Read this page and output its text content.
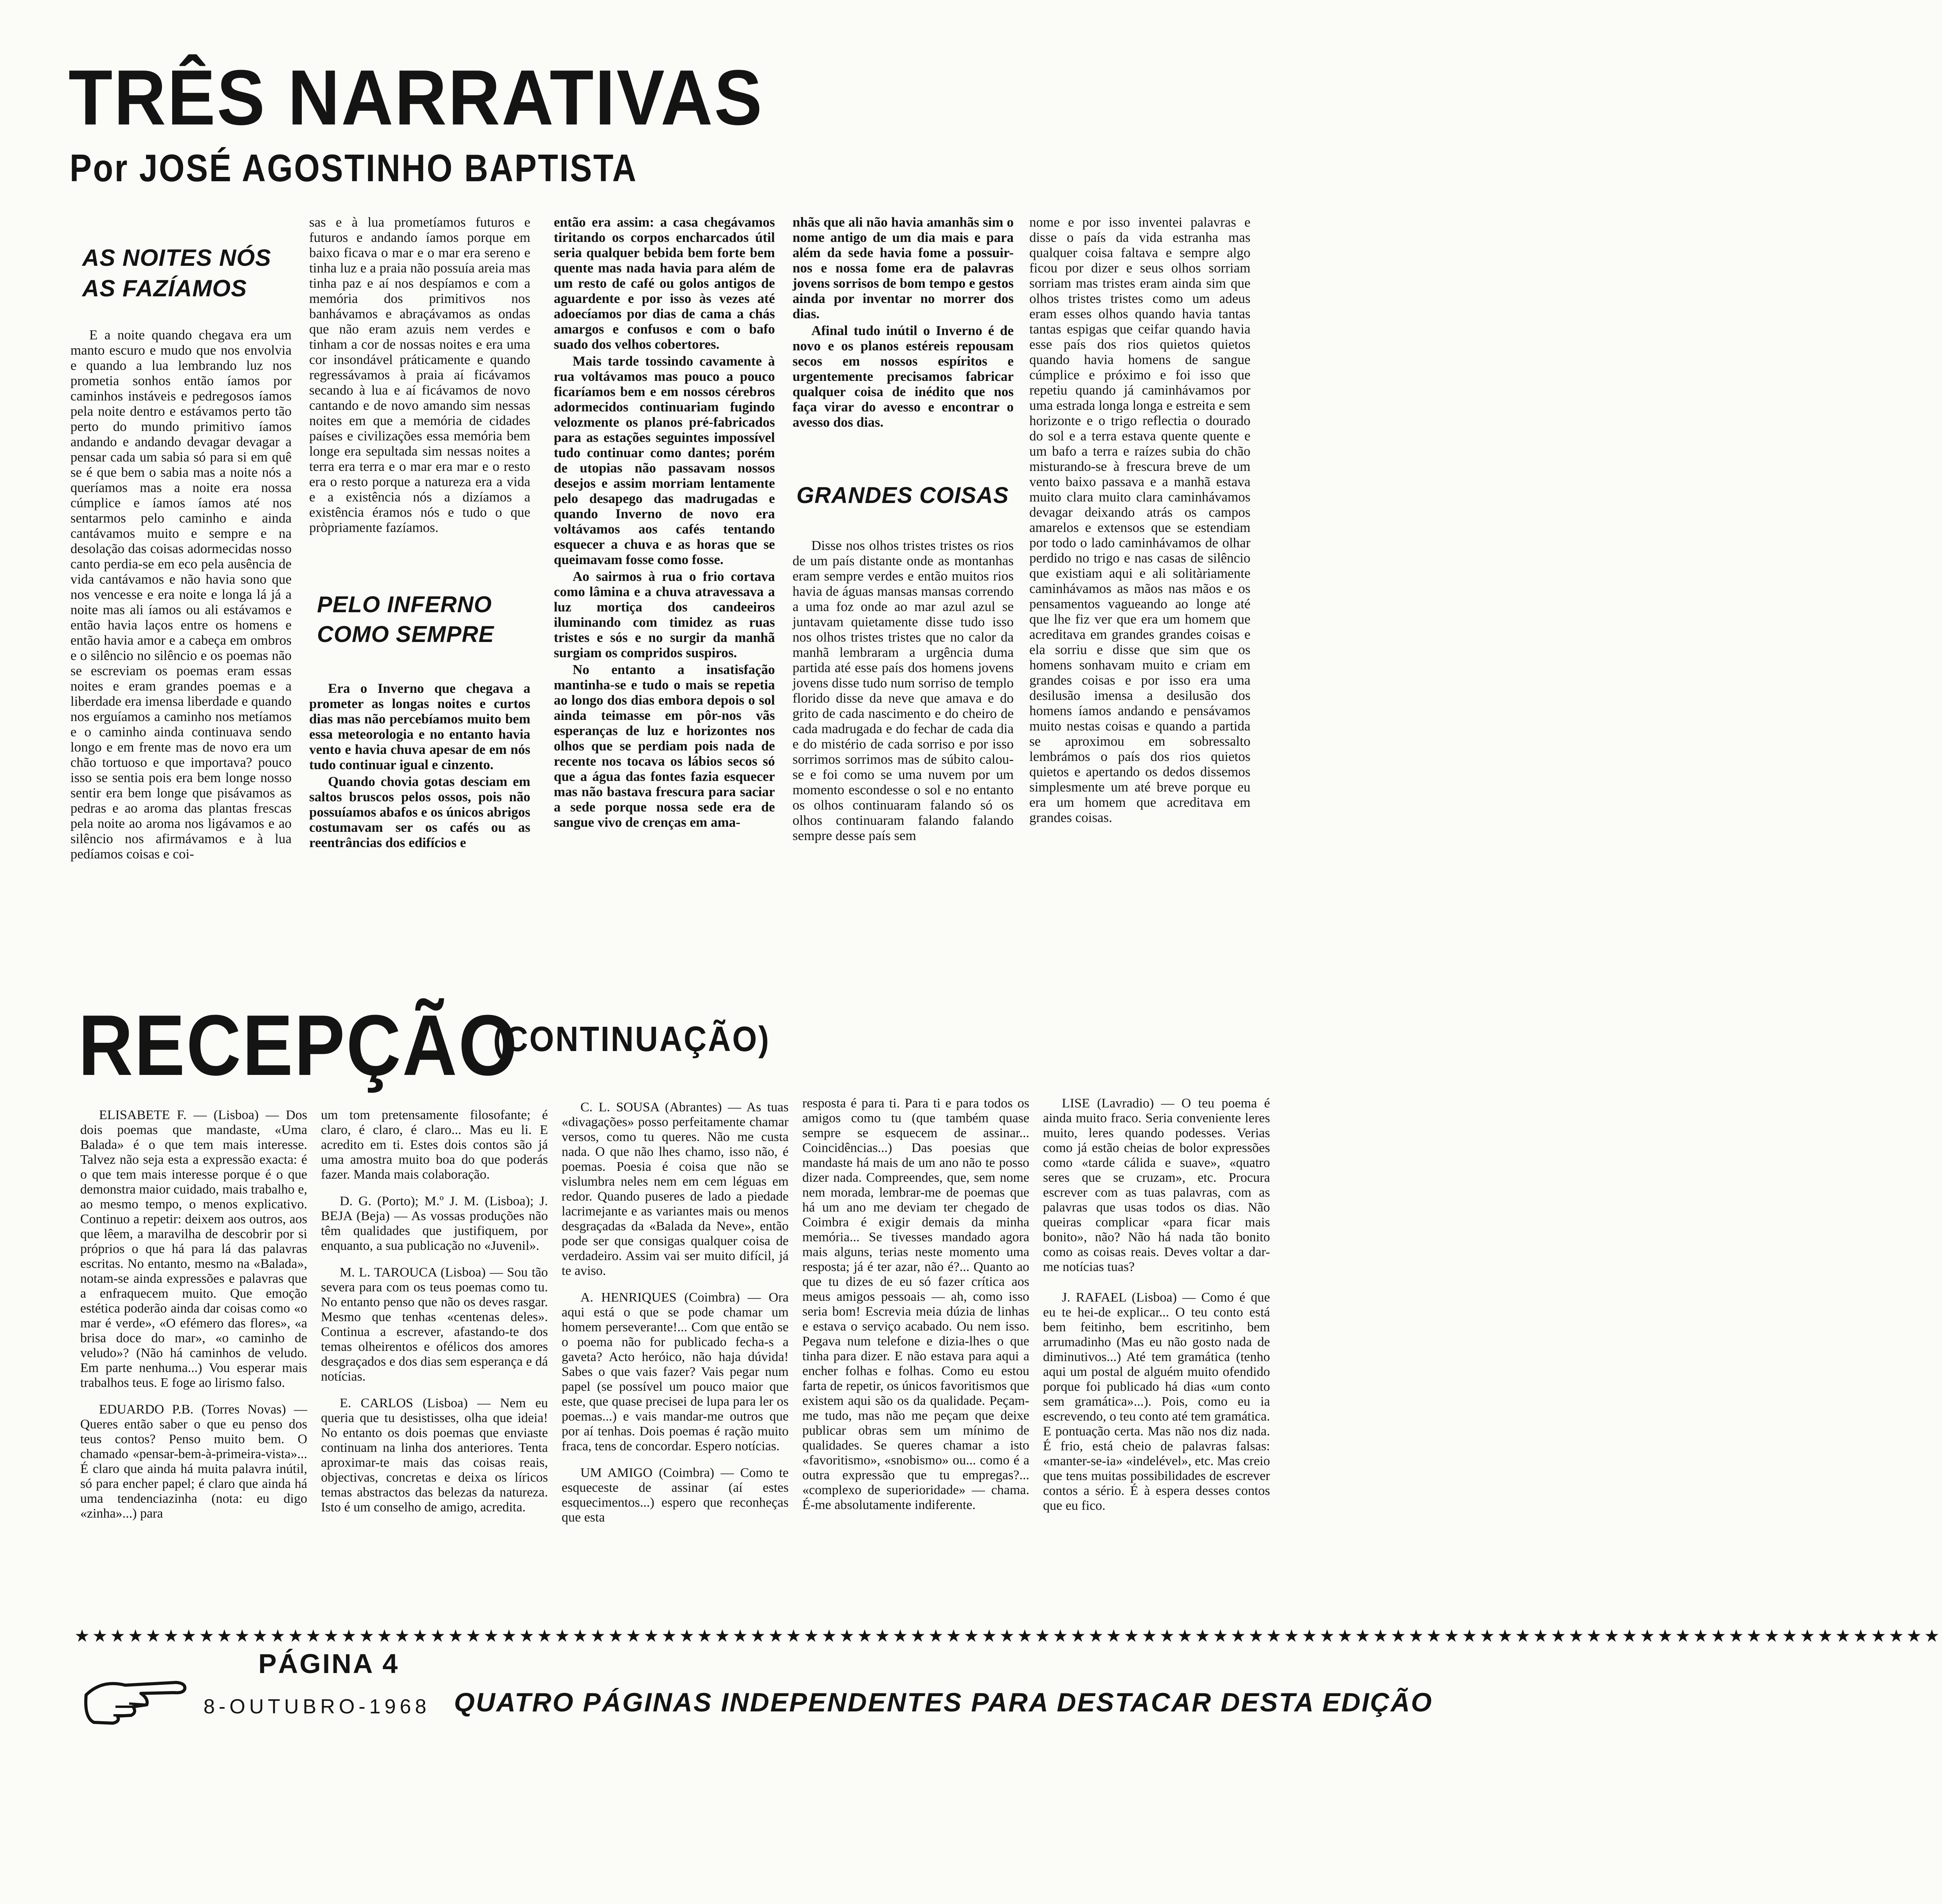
TRÊS NARRATIVAS
Por JOSÉ AGOSTINHO BAPTISTA
AS NOITES NÓS
AS FAZÍAMOS

E a noite quando chegava era um manto escuro e mudo que nos envolvia e quando a lua lembrando luz nos prometia sonhos então íamos por caminhos instáveis e pedregosos íamos pela noite dentro e estávamos perto tão perto do mundo primitivo íamos andando e andando devagar devagar a pensar cada um sabia só para si em quê se é que bem o sabia mas a noite nós a queríamos mas a noite era nossa cúmplice e íamos íamos até nos sentarmos pelo caminho e ainda cantávamos muito e sempre e na desolação das coisas adormecidas nosso canto perdia-se em eco pela ausência de vida cantávamos e não havia sono que nos vencesse e era noite e longa lá já a noite mas ali íamos ou ali estávamos e então havia laços entre os homens e então havia amor e a cabeça em ombros e o silêncio no silêncio e os poemas não se escreviam os poemas eram essas noites e eram grandes poemas e a liberdade era imensa liberdade e quando nos erguíamos a caminho nos metíamos e o caminho ainda continuava sendo longo e em frente mas de novo era um chão tortuoso e que importava? pouco isso se sentia pois era bem longe nosso sentir era bem longe que pisávamos as pedras e ao aroma das plantas frescas pela noite ao aroma nos ligávamos e ao silêncio nos afirmávamos e à lua pedíamos coisas e coi-

sas e à lua prometíamos futuros e futuros e andando íamos porque em baixo ficava o mar e o mar era sereno e tinha luz e a praia não possuía areia mas tinha paz e aí nos despíamos e com a memória dos primitivos nos banhávamos e abraçávamos as ondas que não eram azuis nem verdes e tinham a cor de nossas noites e era uma cor insondável práticamente e quando regressávamos à praia aí ficávamos secando à lua e aí ficávamos de novo cantando e de novo amando sim nessas noites em que a memória de cidades países e civilizações essa memória bem longe era sepultada sim nessas noites a terra era terra e o mar era mar e o resto era o resto porque a natureza era a vida e a existência nós a dizíamos a existência éramos nós e tudo o que pròpriamente fazíamos.

PELO INFERNO
COMO SEMPRE

Era o Inverno que chegava a prometer as longas noites e curtos dias mas não percebíamos muito bem essa meteorologia e no entanto havia vento e havia chuva apesar de em nós tudo continuar igual e cinzento.

Quando chovia gotas desciam em saltos bruscos pelos ossos, pois não possuíamos abafos e os únicos abrigos costumavam ser os cafés ou as reentrâncias dos edifícios e

então era assim: a casa chegávamos tiritando os corpos encharcados útil seria qualquer bebida bem forte bem quente mas nada havia para além de um resto de café ou golos antigos de aguardente e por isso às vezes até adoecíamos por dias de cama a chás amargos e confusos e com o bafo suado dos velhos cobertores.

Mais tarde tossindo cavamente à rua voltávamos mas pouco a pouco ficaríamos bem e em nossos cérebros adormecidos continuariam fugindo velozmente os planos pré-fabricados para as estações seguintes impossível tudo continuar como dantes; porém de utopias não passavam nossos desejos e assim morriam lentamente pelo desapego das madrugadas e quando Inverno de novo era voltávamos aos cafés tentando esquecer a chuva e as horas que se queimavam fosse como fosse.

Ao sairmos à rua o frio cortava como lâmina e a chuva atravessava a luz mortiça dos candeeiros iluminando com timidez as ruas tristes e sós e no surgir da manhã surgiam os compridos suspiros.

No entanto a insatisfação mantinha-se e tudo o mais se repetia ao longo dos dias embora depois o sol ainda teimasse em pôr-nos vãs esperanças de luz e horizontes nos olhos que se perdiam pois nada de recente nos tocava os lábios secos só que a água das fontes fazia esquecer mas não bastava frescura para saciar a sede porque nossa sede era de sangue vivo de crenças em ama-

nhãs que ali não havia amanhãs sim o nome antigo de um dia mais e para além da sede havia fome a possuir-nos e nossa fome era de palavras jovens sorrisos de bom tempo e gestos ainda por inventar no morrer dos dias.

Afinal tudo inútil o Inverno é de novo e os planos estéreis repousam secos em nossos espíritos e urgentemente precisamos fabricar qualquer coisa de inédito que nos faça virar do avesso e encontrar o avesso dos dias.

GRANDES COISAS

Disse nos olhos tristes tristes os rios de um país distante onde as montanhas eram sempre verdes e então muitos rios havia de águas mansas mansas correndo a uma foz onde ao mar azul azul se juntavam quietamente disse tudo isso nos olhos tristes tristes que no calor da manhã lembraram a urgência duma partida até esse país dos homens jovens jovens disse tudo num sorriso de templo florido disse da neve que amava e do grito de cada nascimento e do cheiro de cada madrugada e do fechar de cada dia e do mistério de cada sorriso e por isso sorrimos sorrimos mas de súbito calou-se e foi como se uma nuvem por um momento escondesse o sol e no entanto os olhos continuaram falando só os olhos continuaram falando falando sempre desse país sem

nome e por isso inventei palavras e disse o país da vida estranha mas qualquer coisa faltava e sempre algo ficou por dizer e seus olhos sorriam sorriam mas tristes eram ainda sim que olhos tristes tristes como um adeus eram esses olhos quando havia tantas tantas espigas que ceifar quando havia esse país dos rios quietos quietos quando havia homens de sangue cúmplice e próximo e foi isso que repetiu quando já caminhávamos por uma estrada longa longa e estreita e sem horizonte e o trigo reflectia o dourado do sol e a terra estava quente quente e um bafo a terra e raízes subia do chão misturando-se à frescura breve de um vento baixo passava e a manhã estava muito clara muito clara caminhávamos devagar deixando atrás os campos amarelos e extensos que se estendiam por todo o lado caminhávamos de olhar perdido no trigo e nas casas de silêncio que existiam aqui e ali solitàriamente caminhávamos as mãos nas mãos e os pensamentos vagueando ao longe até que lhe fiz ver que era um homem que acreditava em grandes grandes coisas e ela sorriu e disse que sim que os homens sonhavam muito e criam em grandes coisas e por isso era uma desilusão imensa a desilusão dos homens íamos andando e pensávamos muito nestas coisas e quando a partida se aproximou em sobressalto lembrámos o país dos rios quietos quietos e apertando os dedos dissemos simplesmente um até breve porque eu era um homem que acreditava em grandes coisas.

RECEPÇÃO
(CONTINUAÇÃO)

ELISABETE F. — (Lisboa) — Dos dois poemas que mandaste, «Uma Balada» é o que tem mais interesse. Talvez não seja esta a expressão exacta: é o que tem mais interesse porque é o que demonstra maior cuidado, mais trabalho e, ao mesmo tempo, o menos explicativo. Continuo a repetir: deixem aos outros, aos que lêem, a maravilha de descobrir por si próprios o que há para lá das palavras escritas. No entanto, mesmo na «Balada», notam-se ainda expressões e palavras que a enfraquecem muito. Que emoção estética poderão ainda dar coisas como «o mar é verde», «O efémero das flores», «a brisa doce do mar», «o caminho de veludo»? (Não há caminhos de veludo. Em parte nenhuma...) Vou esperar mais trabalhos teus. E foge ao lirismo falso.

EDUARDO P.B. (Torres Novas) — Queres então saber o que eu penso dos teus contos? Penso muito bem. O chamado «pensar-bem-à-primeira-vista»... É claro que ainda há muita palavra inútil, só para encher papel; é claro que ainda há uma tendenciazinha (nota: eu digo «zinha»...) para

um tom pretensamente filosofante; é claro, é claro, é claro... Mas eu li. E acredito em ti. Estes dois contos são já uma amostra muito boa do que poderás fazer. Manda mais colaboração.

D. G. (Porto); M.º J. M. (Lisboa); J. BEJA (Beja) — As vossas produções não têm qualidades que justifiquem, por enquanto, a sua publicação no «Juvenil».

M. L. TAROUCA (Lisboa) — Sou tão severa para com os teus poemas como tu. No entanto penso que não os deves rasgar. Mesmo que tenhas «centenas deles». Continua a escrever, afastando-te dos temas olheirentos e ofélicos dos amores desgraçados e dos dias sem esperança e dá notícias.

E. CARLOS (Lisboa) — Nem eu queria que tu desistisses, olha que ideia! No entanto os dois poemas que enviaste continuam na linha dos anteriores. Tenta aproximar-te mais das coisas reais, objectivas, concretas e deixa os líricos temas abstractos das belezas da natureza. Isto é um conselho de amigo, acredita.

C. L. SOUSA (Abrantes) — As tuas «divagações» posso perfeitamente chamar versos, como tu queres. Não me custa nada. O que não lhes chamo, isso não, é poemas. Poesia é coisa que não se vislumbra neles nem em cem léguas em redor. Quando puseres de lado a piedade lacrimejante e as variantes mais ou menos desgraçadas da «Balada da Neve», então pode ser que consigas qualquer coisa de verdadeiro. Assim vai ser muito difícil, já te aviso.

A. HENRIQUES (Coimbra) — Ora aqui está o que se pode chamar um homem perseverante!... Com que então se o poema não for publicado fecha-s a gaveta? Acto heróico, não haja dúvida! Sabes o que vais fazer? Vais pegar num papel (se possível um pouco maior que este, que quase precisei de lupa para ler os poemas...) e vais mandar-me outros que por aí tenhas. Dois poemas é ração muito fraca, tens de concordar. Espero notícias.

UM AMIGO (Coimbra) — Como te esqueceste de assinar (aí estes esquecimentos...) espero que reconheças que esta

resposta é para ti. Para ti e para todos os amigos como tu (que também quase sempre se esquecem de assinar... Coincidências...) Das poesias que mandaste há mais de um ano não te posso dizer nada. Compreendes, que, sem nome nem morada, lembrar-me de poemas que há um ano me deviam ter chegado de Coimbra é exigir demais da minha memória... Se tivesses mandado agora mais alguns, terias neste momento uma resposta; já é ter azar, não é?... Quanto ao que tu dizes de eu só fazer crítica aos meus amigos pessoais — ah, como isso seria bom! Escrevia meia dúzia de linhas e estava o serviço acabado. Ou nem isso. Pegava num telefone e dizia-lhes o que tinha para dizer. E não estava para aqui a encher folhas e folhas. Como eu estou farta de repetir, os únicos favoritismos que existem aqui são os da qualidade. Peçam-me tudo, mas não me peçam que deixe publicar obras sem um mínimo de qualidades. Se queres chamar a isto «favoritismo», «snobismo» ou... como é a outra expressão que tu empregas?... «complexo de superioridade» — chama. É-me absolutamente indiferente.

LISE (Lavradio) — O teu poema é ainda muito fraco. Seria conveniente leres muito, leres quando podesses. Verias como já estão cheias de bolor expressões como «tarde cálida e suave», «quatro seres que se cruzam», etc. Procura escrever com as tuas palavras, com as palavras que usas todos os dias. Não queiras complicar «para ficar mais bonito», não? Não há nada tão bonito como as coisas reais. Deves voltar a dar-me notícias tuas?

J. RAFAEL (Lisboa) — Como é que eu te hei-de explicar... O teu conto está bem feitinho, bem escritinho, bem arrumadinho (Mas eu não gosto nada de diminutivos...) Até tem gramática (tenho aqui um postal de alguém muito ofendido porque foi publicado há dias «um conto sem gramática»...). Pois, como eu ia escrevendo, o teu conto até tem gramática. E pontuação certa. Mas não nos diz nada. É frio, está cheio de palavras falsas: «manter-se-ia» «indelével», etc. Mas creio que tens muitas possibilidades de escrever contos a sério. É à espera desses contos que eu fico.

★★★★★★★★★★★★★★★★★★★★★★★★★★★★★★★★★★★★★★★★★★★★★★★★★★★★★★★★★★★★★★★★★★★★★★★★★★★★★★★★★★★★★★★★★★★★★★★★★★★★★★★★★
PÁGINA 4
8-OUTUBRO-1968 QUATRO PÁGINAS INDEPENDENTES PARA DESTACAR DESTA EDIÇÃO
